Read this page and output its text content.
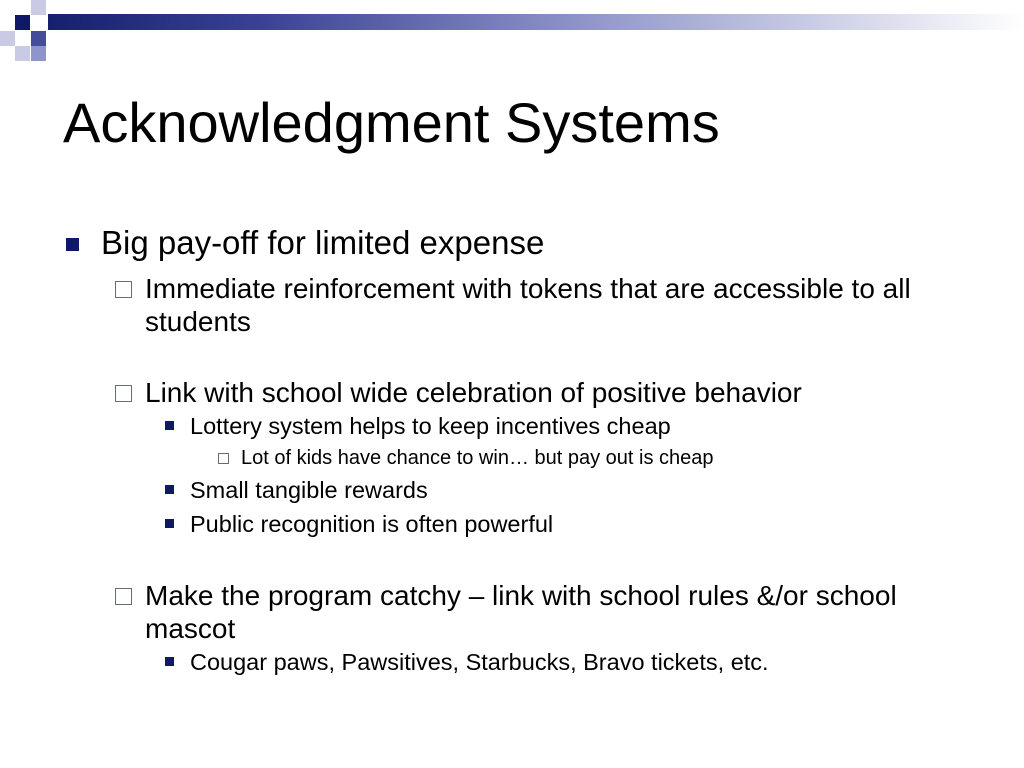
Acknowledgment Systems
Big pay-off for limited expense
Immediate reinforcement with tokens that are accessible to all students
Link with school wide celebration of positive behavior
Lottery system helps to keep incentives cheap
Lot of kids have chance to win… but pay out is cheap
Small tangible rewards
Public recognition is often powerful
Make the program catchy – link with school rules &/or school mascot
Cougar paws, Pawsitives, Starbucks, Bravo tickets, etc.
